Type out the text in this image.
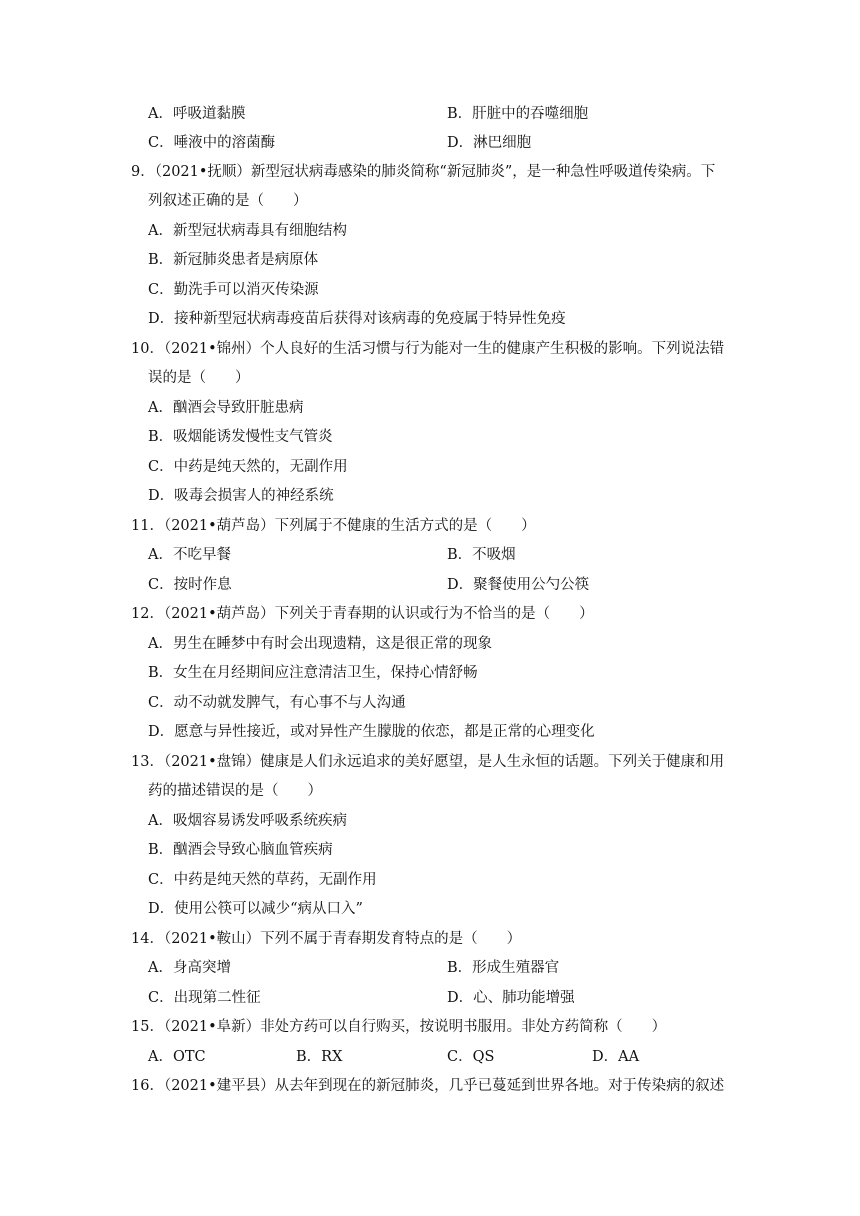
A．呼吸道黏膜	B．肝脏中的吞噬细胞
C．唾液中的溶菌酶	D．淋巴细胞
9．（2021•抚顺）新型冠状病毒感染的肺炎简称“新冠肺炎”，是一种急性呼吸道传染病。下
列叙述正确的是（　　）
A．新型冠状病毒具有细胞结构
B．新冠肺炎患者是病原体
C．勤洗手可以消灭传染源
D．接种新型冠状病毒疫苗后获得对该病毒的免疫属于特异性免疫
10．（2021•锦州）个人良好的生活习惯与行为能对一生的健康产生积极的影响。下列说法错
误的是（　　）
A．酗酒会导致肝脏患病
B．吸烟能诱发慢性支气管炎
C．中药是纯天然的，无副作用
D．吸毒会损害人的神经系统
11．（2021•葫芦岛）下列属于不健康的生活方式的是（　　）
A．不吃早餐	B．不吸烟
C．按时作息	D．聚餐使用公勺公筷
12．（2021•葫芦岛）下列关于青春期的认识或行为不恰当的是（　　）
A．男生在睡梦中有时会出现遗精，这是很正常的现象
B．女生在月经期间应注意清洁卫生，保持心情舒畅
C．动不动就发脾气，有心事不与人沟通
D．愿意与异性接近，或对异性产生朦胧的依恋，都是正常的心理变化
13．（2021•盘锦）健康是人们永远追求的美好愿望，是人生永恒的话题。下列关于健康和用
药的描述错误的是（　　）
A．吸烟容易诱发呼吸系统疾病
B．酗酒会导致心脑血管疾病
C．中药是纯天然的草药，无副作用
D．使用公筷可以减少“病从口入”
14．（2021•鞍山）下列不属于青春期发育特点的是（　　）
A．身高突增	B．形成生殖器官
C．出现第二性征	D．心、肺功能增强
15．（2021•阜新）非处方药可以自行购买，按说明书服用。非处方药简称（　　）
A．OTC	B．RX	C．QS	D．AA
16．（2021•建平县）从去年到现在的新冠肺炎，几乎已蔓延到世界各地。对于传染病的叙述
